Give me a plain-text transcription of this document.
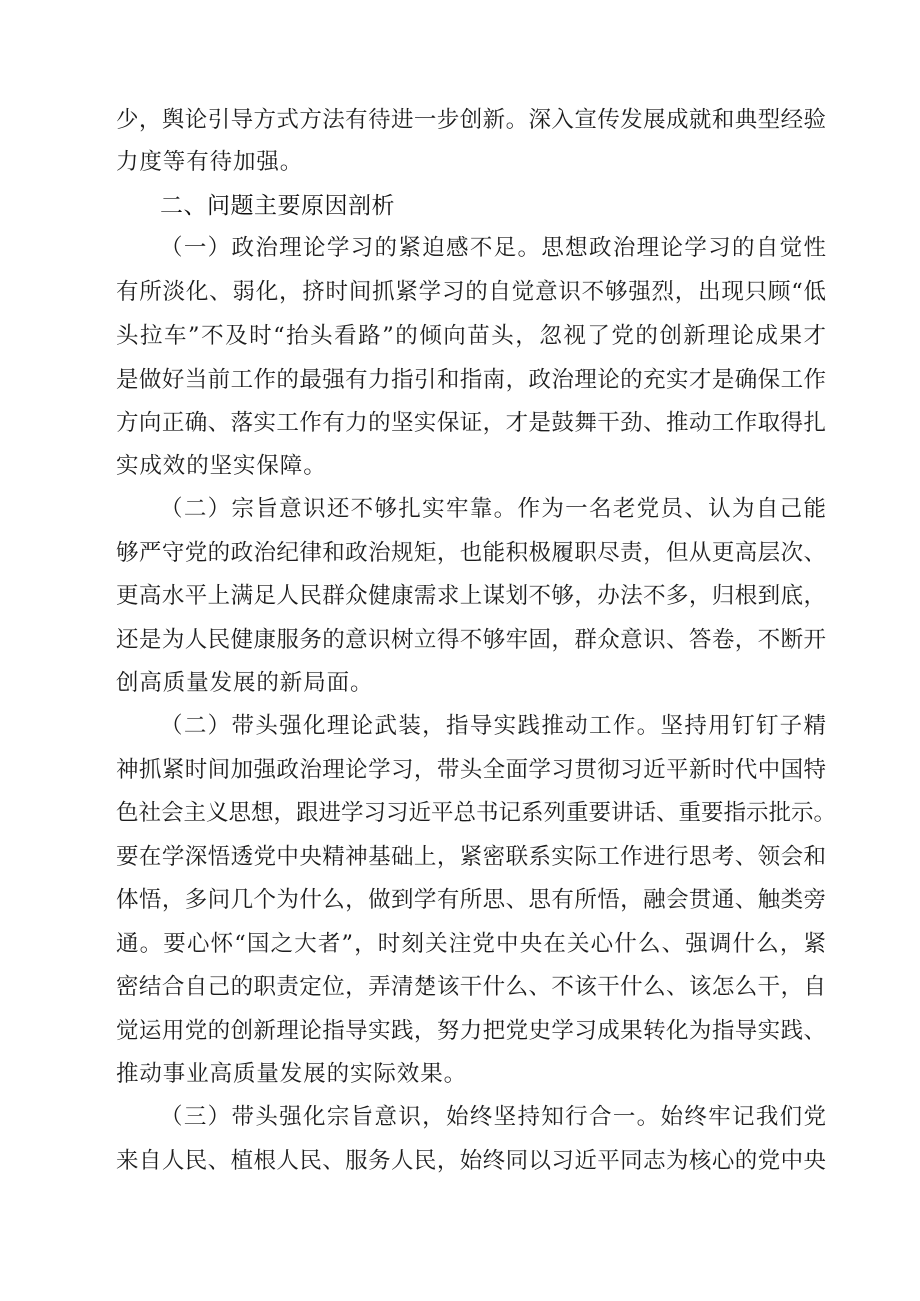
少，舆论引导方式方法有待进一步创新。深入宣传发展成就和典型经验
力度等有待加强。
二、问题主要原因剖析
（一）政治理论学习的紧迫感不足。思想政治理论学习的自觉性
有所淡化、弱化，挤时间抓紧学习的自觉意识不够强烈，出现只顾“低
头拉车”不及时“抬头看路”的倾向苗头，忽视了党的创新理论成果才
是做好当前工作的最强有力指引和指南，政治理论的充实才是确保工作
方向正确、落实工作有力的坚实保证，才是鼓舞干劲、推动工作取得扎
实成效的坚实保障。
（二）宗旨意识还不够扎实牢靠。作为一名老党员、认为自己能
够严守党的政治纪律和政治规矩，也能积极履职尽责，但从更高层次、
更高水平上满足人民群众健康需求上谋划不够，办法不多，归根到底，
还是为人民健康服务的意识树立得不够牢固，群众意识、答卷，不断开
创高质量发展的新局面。
（二）带头强化理论武装，指导实践推动工作。坚持用钉钉子精
神抓紧时间加强政治理论学习，带头全面学习贯彻习近平新时代中国特
色社会主义思想，跟进学习习近平总书记系列重要讲话、重要指示批示。
要在学深悟透党中央精神基础上，紧密联系实际工作进行思考、领会和
体悟，多问几个为什么，做到学有所思、思有所悟，融会贯通、触类旁
通。要心怀“国之大者”，时刻关注党中央在关心什么、强调什么，紧
密结合自己的职责定位，弄清楚该干什么、不该干什么、该怎么干，自
觉运用党的创新理论指导实践，努力把党史学习成果转化为指导实践、
推动事业高质量发展的实际效果。
（三）带头强化宗旨意识，始终坚持知行合一。始终牢记我们党
来自人民、植根人民、服务人民，始终同以习近平同志为核心的党中央
